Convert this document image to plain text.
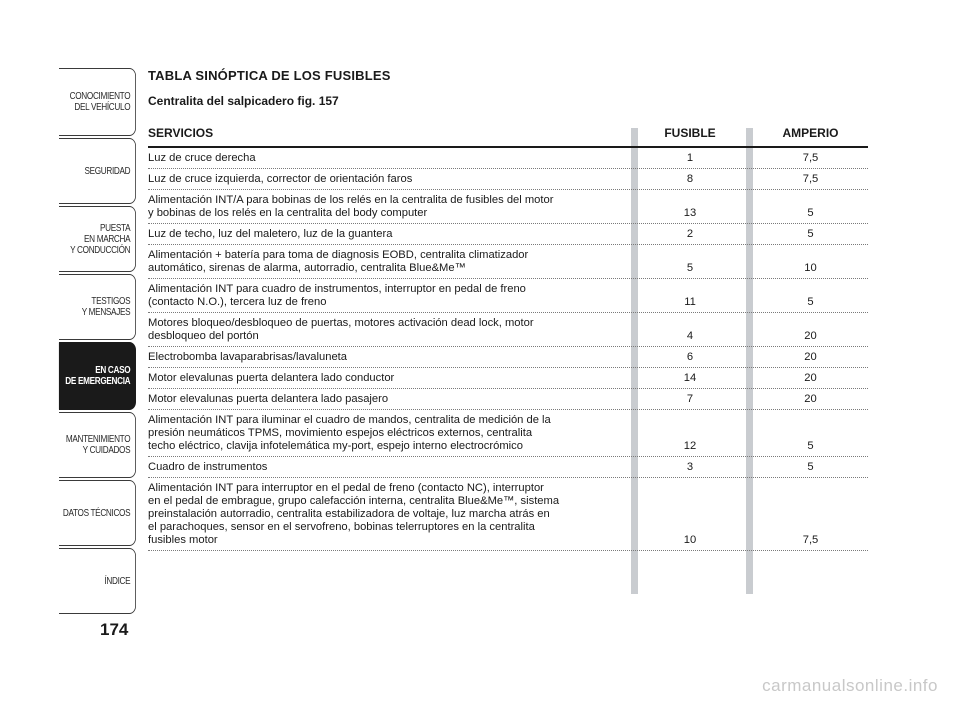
CONOCIMIENTO
DEL VEHÍCULO
SEGURIDAD
PUESTA
EN MARCHA
Y CONDUCCIÓN
TESTIGOS
Y MENSAJES
EN CASO
DE EMERGENCIA
MANTENIMIENTO
Y CUIDADOS
DATOS TÉCNICOS
ÍNDICE
174
TABLA SINÓPTICA DE LOS FUSIBLES
Centralita del salpicadero fig. 157
SERVICIOS	FUSIBLE	AMPERIO
Luz de cruce derecha	1	7,5
Luz de cruce izquierda, corrector de orientación faros	8	7,5
Alimentación INT/A para bobinas de los relés en la centralita de fusibles del motor
y bobinas de los relés en la centralita del body computer	13	5
Luz de techo, luz del maletero, luz de la guantera	2	5
Alimentación + batería para toma de diagnosis EOBD, centralita climatizador
automático, sirenas de alarma, autorradio, centralita Blue&Me™	5	10
Alimentación INT para cuadro de instrumentos, interruptor en pedal de freno
(contacto N.O.), tercera luz de freno	11	5
Motores bloqueo/desbloqueo de puertas, motores activación dead lock, motor
desbloqueo del portón	4	20
Electrobomba lavaparabrisas/lavaluneta	6	20
Motor elevalunas puerta delantera lado conductor	14	20
Motor elevalunas puerta delantera lado pasajero	7	20
Alimentación INT para iluminar el cuadro de mandos, centralita de medición de la
presión neumáticos TPMS, movimiento espejos eléctricos externos, centralita
techo eléctrico, clavija infotelemática my-port, espejo interno electrocrómico	12	5
Cuadro de instrumentos	3	5
Alimentación INT para interruptor en el pedal de freno (contacto NC), interruptor
en el pedal de embrague, grupo calefacción interna, centralita Blue&Me™, sistema
preinstalación autorradio, centralita estabilizadora de voltaje, luz marcha atrás en
el parachoques, sensor en el servofreno, bobinas telerruptores en la centralita
fusibles motor	10	7,5
carmanualsonline.info
